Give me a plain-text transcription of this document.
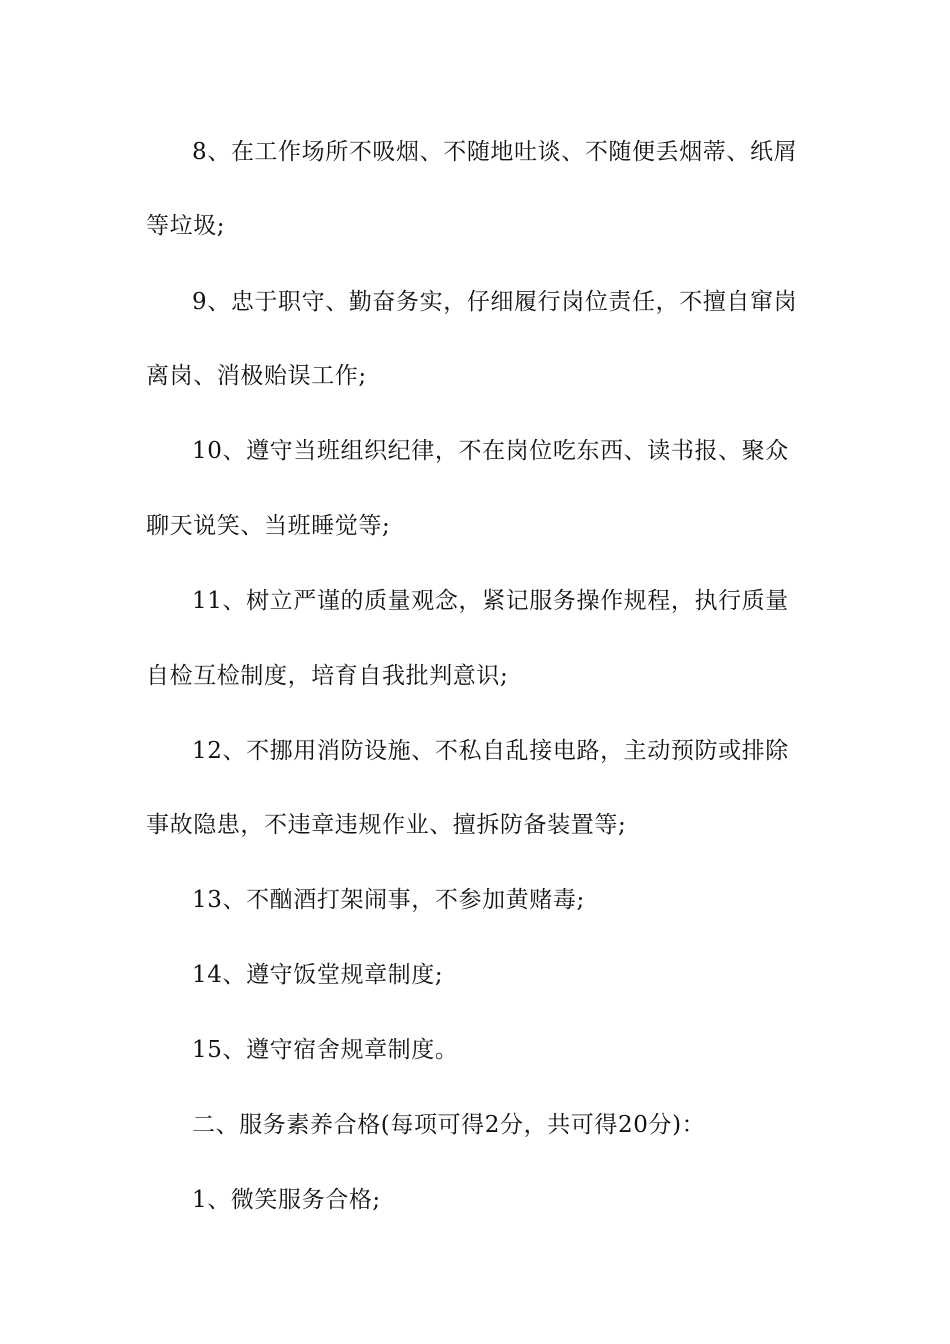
8、在工作场所不吸烟、不随地吐谈、不随便丢烟蒂、纸屑
等垃圾;
9、忠于职守、勤奋务实，仔细履行岗位责任，不擅自窜岗
离岗、消极贻误工作;
10、遵守当班组织纪律，不在岗位吃东西、读书报、聚众
聊天说笑、当班睡觉等;
11、树立严谨的质量观念，紧记服务操作规程，执行质量
自检互检制度，培育自我批判意识;
12、不挪用消防设施、不私自乱接电路，主动预防或排除
事故隐患，不违章违规作业、擅拆防备装置等;
13、不酗酒打架闹事，不参加黄赌毒;
14、遵守饭堂规章制度;
15、遵守宿舍规章制度。
二、服务素养合格(每项可得2分，共可得20分)：
1、微笑服务合格;
